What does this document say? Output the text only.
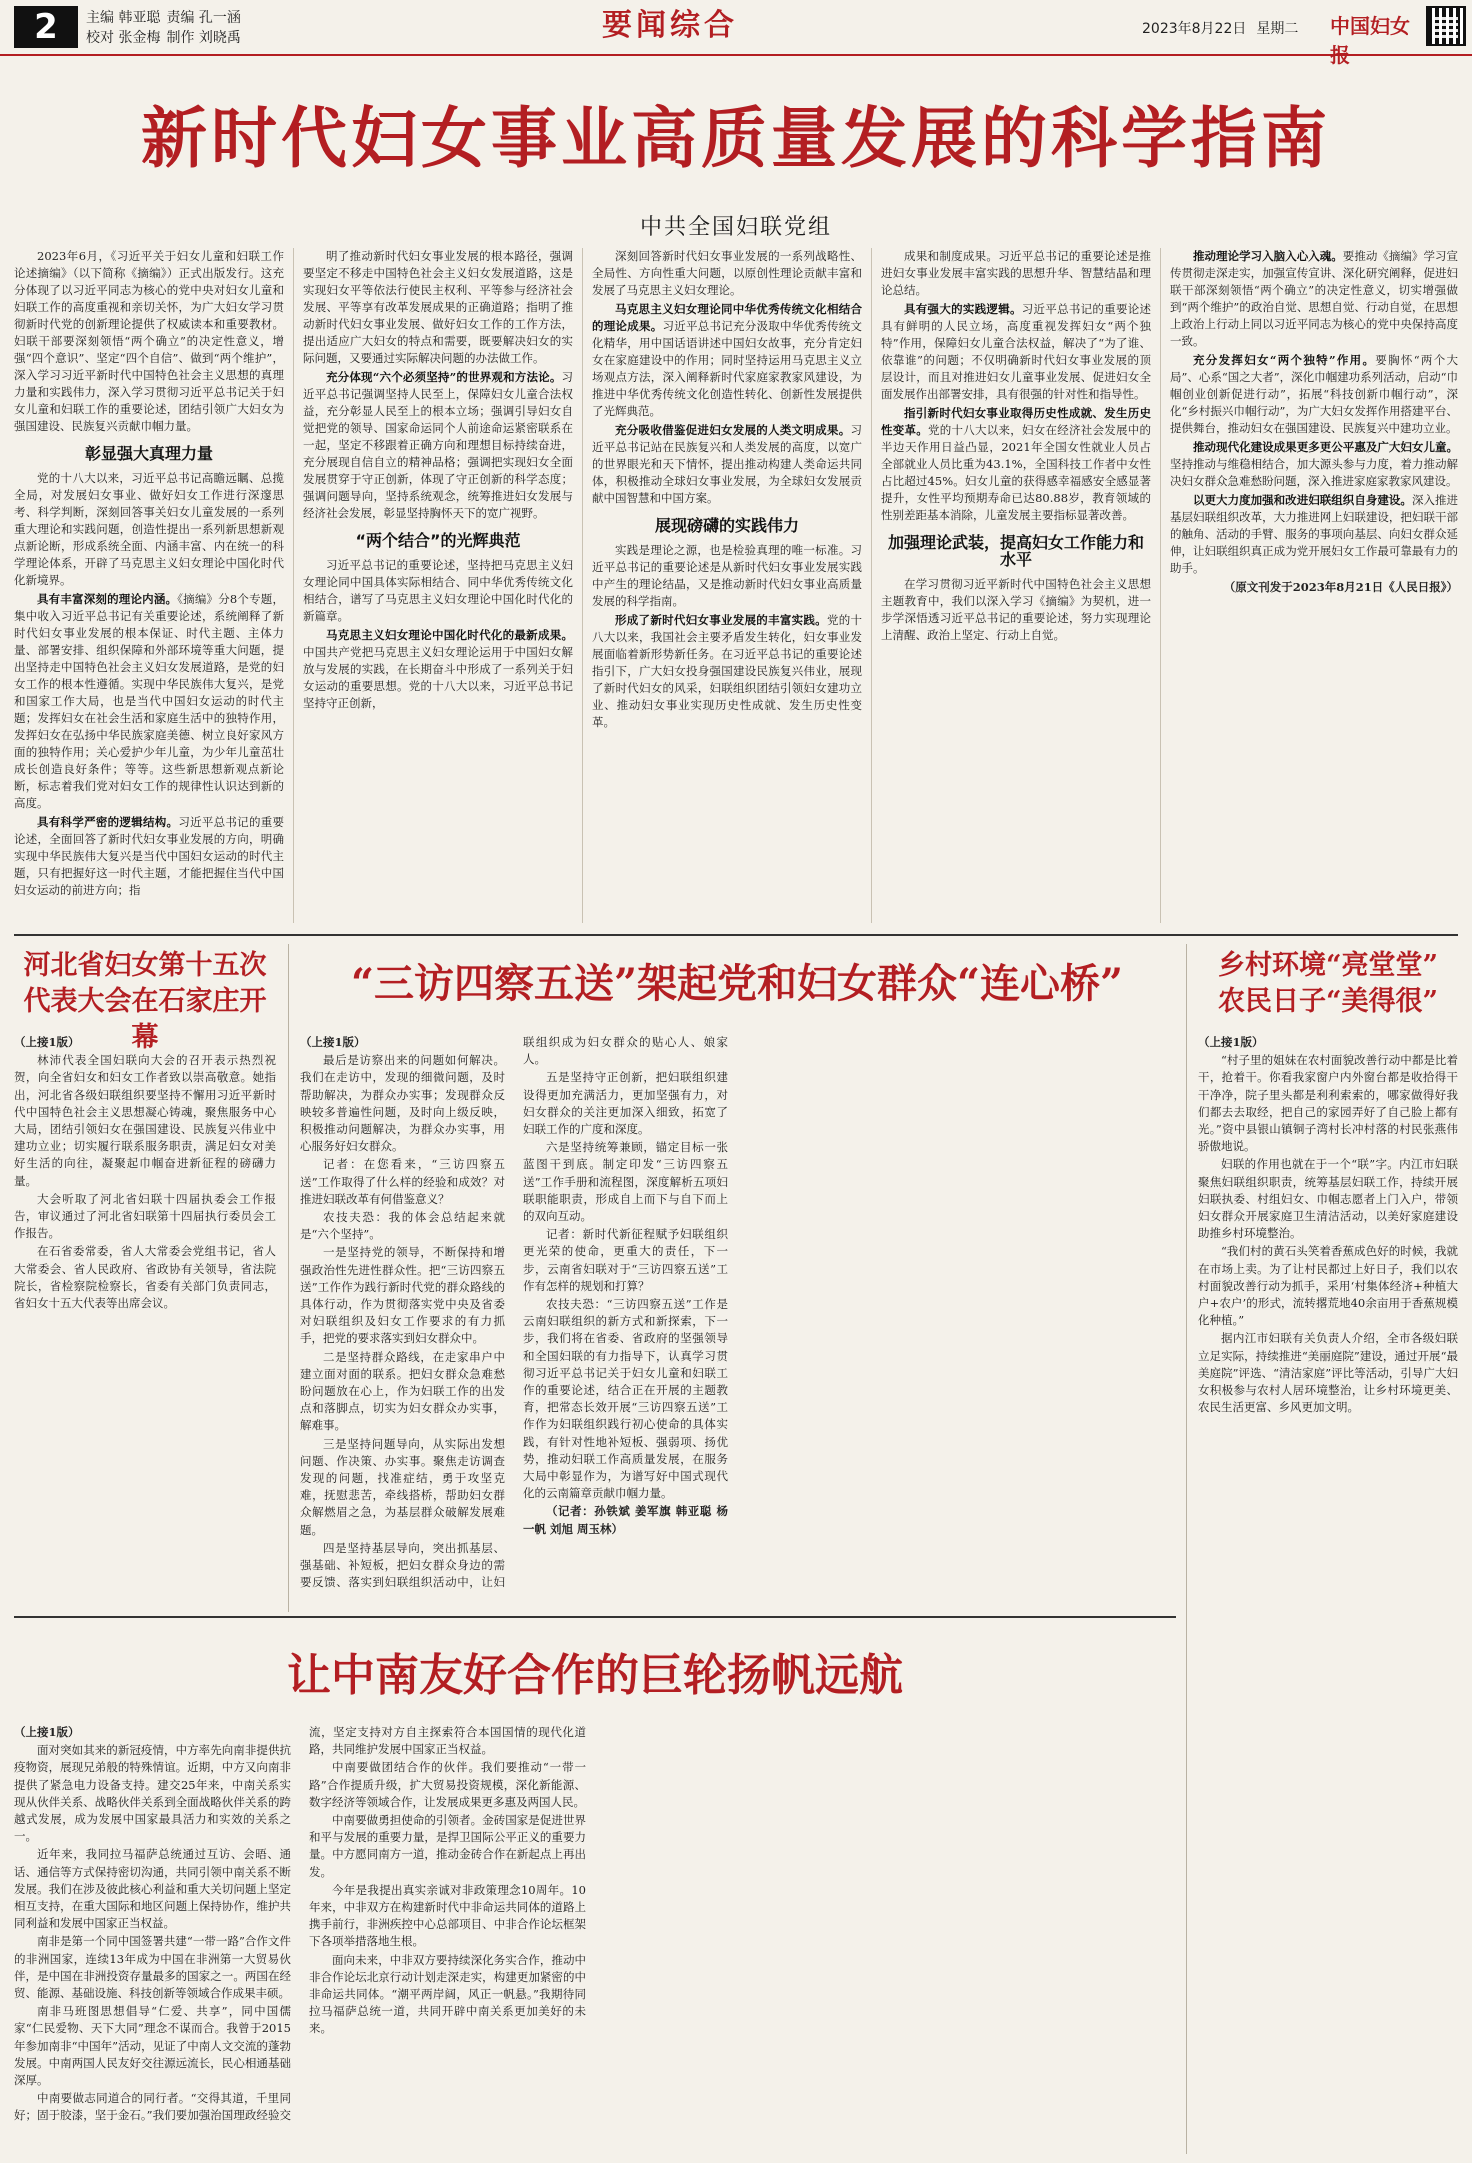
2	主编 韩亚聪 责编 孔一涵
校对 张金梅 制作 刘晓禹	要闻综合	2023年8月22日 星期二	中国妇女报
新时代妇女事业高质量发展的科学指南
中共全国妇联党组

2023年6月，《习近平关于妇女儿童和妇联工作论述摘编》（以下简称《摘编》）正式出版发行。这充分体现了以习近平同志为核心的党中央对妇女儿童和妇联工作的高度重视和亲切关怀，为广大妇女学习贯彻新时代党的创新理论提供了权威读本和重要教材。妇联干部要深刻领悟“两个确立”的决定性意义，增强“四个意识”、坚定“四个自信”、做到“两个维护”，深入学习习近平新时代中国特色社会主义思想的真理力量和实践伟力，深入学习贯彻习近平总书记关于妇女儿童和妇联工作的重要论述，团结引领广大妇女为强国建设、民族复兴贡献巾帼力量。

彰显强大真理力量

党的十八大以来，习近平总书记高瞻远瞩、总揽全局，对发展妇女事业、做好妇女工作进行深邃思考、科学判断，深刻回答事关妇女儿童发展的一系列重大理论和实践问题，创造性提出一系列新思想新观点新论断，形成系统全面、内涵丰富、内在统一的科学理论体系，开辟了马克思主义妇女理论中国化时代化新境界。

具有丰富深刻的理论内涵。《摘编》分8个专题，集中收入习近平总书记有关重要论述，系统阐释了新时代妇女事业发展的根本保证、时代主题、主体力量、部署安排、组织保障和外部环境等重大问题，提出坚持走中国特色社会主义妇女发展道路，是党的妇女工作的根本性遵循。实现中华民族伟大复兴，是党和国家工作大局，也是当代中国妇女运动的时代主题；发挥妇女在社会生活和家庭生活中的独特作用，发挥妇女在弘扬中华民族家庭美德、树立良好家风方面的独特作用；关心爱护少年儿童，为少年儿童茁壮成长创造良好条件；等等。这些新思想新观点新论断，标志着我们党对妇女工作的规律性认识达到新的高度。

具有科学严密的逻辑结构。习近平总书记的重要论述，全面回答了新时代妇女事业发展的方向，明确实现中华民族伟大复兴是当代中国妇女运动的时代主题，只有把握好这一时代主题，才能把握住当代中国妇女运动的前进方向；指

明了推动新时代妇女事业发展的根本路径，强调要坚定不移走中国特色社会主义妇女发展道路，这是实现妇女平等依法行使民主权利、平等参与经济社会发展、平等享有改革发展成果的正确道路；指明了推动新时代妇女事业发展、做好妇女工作的工作方法，提出适应广大妇女的特点和需要，既要解决妇女的实际问题，又要通过实际解决问题的办法做工作。

充分体现“六个必须坚持”的世界观和方法论。习近平总书记强调坚持人民至上，保障妇女儿童合法权益，充分彰显人民至上的根本立场；强调引导妇女自觉把党的领导、国家命运同个人前途命运紧密联系在一起，坚定不移跟着正确方向和理想目标持续奋进，充分展现自信自立的精神品格；强调把实现妇女全面发展贯穿于守正创新，体现了守正创新的科学态度；强调问题导向，坚持系统观念，统筹推进妇女发展与经济社会发展，彰显坚持胸怀天下的宽广视野。

“两个结合”的光辉典范

习近平总书记的重要论述，坚持把马克思主义妇女理论同中国具体实际相结合、同中华优秀传统文化相结合，谱写了马克思主义妇女理论中国化时代化的新篇章。

马克思主义妇女理论中国化时代化的最新成果。中国共产党把马克思主义妇女理论运用于中国妇女解放与发展的实践，在长期奋斗中形成了一系列关于妇女运动的重要思想。党的十八大以来，习近平总书记坚持守正创新，

深刻回答新时代妇女事业发展的一系列战略性、全局性、方向性重大问题，以原创性理论贡献丰富和发展了马克思主义妇女理论。

马克思主义妇女理论同中华优秀传统文化相结合的理论成果。习近平总书记充分汲取中华优秀传统文化精华，用中国话语讲述中国妇女故事，充分肯定妇女在家庭建设中的作用；同时坚持运用马克思主义立场观点方法，深入阐释新时代家庭家教家风建设，为推进中华优秀传统文化创造性转化、创新性发展提供了光辉典范。

充分吸收借鉴促进妇女发展的人类文明成果。习近平总书记站在民族复兴和人类发展的高度，以宽广的世界眼光和天下情怀，提出推动构建人类命运共同体，积极推动全球妇女事业发展，为全球妇女发展贡献中国智慧和中国方案。

展现磅礴的实践伟力

实践是理论之源，也是检验真理的唯一标准。习近平总书记的重要论述是从新时代妇女事业发展实践中产生的理论结晶，又是推动新时代妇女事业高质量发展的科学指南。

形成了新时代妇女事业发展的丰富实践。党的十八大以来，我国社会主要矛盾发生转化，妇女事业发展面临着新形势新任务。在习近平总书记的重要论述指引下，广大妇女投身强国建设民族复兴伟业，展现了新时代妇女的风采，妇联组织团结引领妇女建功立业、推动妇女事业实现历史性成就、发生历史性变革。

成果和制度成果。习近平总书记的重要论述是推进妇女事业发展丰富实践的思想升华、智慧结晶和理论总结。

具有强大的实践逻辑。习近平总书记的重要论述具有鲜明的人民立场，高度重视发挥妇女“两个独特”作用，保障妇女儿童合法权益，解决了“为了谁、依靠谁”的问题；不仅明确新时代妇女事业发展的顶层设计，而且对推进妇女儿童事业发展、促进妇女全面发展作出部署安排，具有很强的针对性和指导性。

指引新时代妇女事业取得历史性成就、发生历史性变革。党的十八大以来，妇女在经济社会发展中的半边天作用日益凸显，2021年全国女性就业人员占全部就业人员比重为43.1%，全国科技工作者中女性占比超过45%。妇女儿童的获得感幸福感安全感显著提升，女性平均预期寿命已达80.88岁，教育领域的性别差距基本消除，儿童发展主要指标显著改善。

加强理论武装，提高妇女工作能力和水平

在学习贯彻习近平新时代中国特色社会主义思想主题教育中，我们以深入学习《摘编》为契机，进一步学深悟透习近平总书记的重要论述，努力实现理论上清醒、政治上坚定、行动上自觉。

推动理论学习入脑入心入魂。要推动《摘编》学习宣传贯彻走深走实，加强宣传宣讲、深化研究阐释，促进妇联干部深刻领悟“两个确立”的决定性意义，切实增强做到“两个维护”的政治自觉、思想自觉、行动自觉，在思想上政治上行动上同以习近平同志为核心的党中央保持高度一致。

充分发挥妇女“两个独特”作用。要胸怀“两个大局”、心系“国之大者”，深化巾帼建功系列活动，启动“巾帼创业创新促进行动”，拓展“科技创新巾帼行动”，深化“乡村振兴巾帼行动”，为广大妇女发挥作用搭建平台、提供舞台，推动妇女在强国建设、民族复兴中建功立业。

推动现代化建设成果更多更公平惠及广大妇女儿童。坚持推动与维稳相结合，加大源头参与力度，着力推动解决妇女群众急难愁盼问题，深入推进家庭家教家风建设。

以更大力度加强和改进妇联组织自身建设。深入推进基层妇联组织改革，大力推进网上妇联建设，把妇联干部的触角、活动的手臂、服务的事项向基层、向妇女群众延伸，让妇联组织真正成为党开展妇女工作最可靠最有力的助手。

（原文刊发于2023年8月21日《人民日报》）

河北省妇女第十五次
代表大会在石家庄开幕

（上接1版）

林沛代表全国妇联向大会的召开表示热烈祝贺，向全省妇女和妇女工作者致以崇高敬意。她指出，河北省各级妇联组织要坚持不懈用习近平新时代中国特色社会主义思想凝心铸魂，聚焦服务中心大局，团结引领妇女在强国建设、民族复兴伟业中建功立业；切实履行联系服务职责，满足妇女对美好生活的向往，凝聚起巾帼奋进新征程的磅礴力量。

大会听取了河北省妇联十四届执委会工作报告，审议通过了河北省妇联第十四届执行委员会工作报告。

在石省委常委，省人大常委会党组书记，省人大常委会、省人民政府、省政协有关领导，省法院院长，省检察院检察长，省委有关部门负责同志，省妇女十五大代表等出席会议。

“三访四察五送”架起党和妇女群众“连心桥”

（上接1版）

最后是访察出来的问题如何解决。我们在走访中，发现的细微问题，及时帮助解决，为群众办实事；发现群众反映较多普遍性问题，及时向上级反映，积极推动问题解决，为群众办实事，用心服务好妇女群众。

记者：在您看来，“三访四察五送”工作取得了什么样的经验和成效？对推进妇联改革有何借鉴意义？

农技夫恐：我的体会总结起来就是“六个坚持”。

一是坚持党的领导，不断保持和增强政治性先进性群众性。把“三访四察五送”工作作为践行新时代党的群众路线的具体行动，作为贯彻落实党中央及省委对妇联组织及妇女工作要求的有力抓手，把党的要求落实到妇女群众中。

二是坚持群众路线，在走家串户中建立面对面的联系。把妇女群众急难愁盼问题放在心上，作为妇联工作的出发点和落脚点，切实为妇女群众办实事，解难事。

三是坚持问题导向，从实际出发想问题、作决策、办实事。聚焦走访调查发现的问题，找准症结，勇于攻坚克难，抚慰悲苦，牵线搭桥，帮助妇女群众解燃眉之急，为基层群众破解发展难题。

四是坚持基层导向，突出抓基层、强基础、补短板，把妇女群众身边的需要反馈、落实到妇联组织活动中，让妇联组织成为妇女群众的贴心人、娘家人。

五是坚持守正创新，把妇联组织建设得更加充满活力，更加坚强有力，对妇女群众的关注更加深入细致，拓宽了妇联工作的广度和深度。

六是坚持统筹兼顾，锚定目标一张蓝图干到底。制定印发“三访四察五送”工作手册和流程图，深度解析五项妇联职能职责，形成自上而下与自下而上的双向互动。

记者：新时代新征程赋予妇联组织更光荣的使命，更重大的责任，下一步，云南省妇联对于“三访四察五送”工作有怎样的规划和打算？

农技夫恐：“三访四察五送”工作是云南妇联组织的新方式和新探索，下一步，我们将在省委、省政府的坚强领导和全国妇联的有力指导下，认真学习贯彻习近平总书记关于妇女儿童和妇联工作的重要论述，结合正在开展的主题教育，把常态长效开展“三访四察五送”工作作为妇联组织践行初心使命的具体实践，有针对性地补短板、强弱项、扬优势，推动妇联工作高质量发展，在服务大局中彰显作为，为谱写好中国式现代化的云南篇章贡献巾帼力量。

（记者：孙铁斌 姜军旗 韩亚聪 杨一帆 刘旭 周玉林）

乡村环境“亮堂堂”
农民日子“美得很”

（上接1版）

“村子里的姐妹在农村面貌改善行动中都是比着干，抢着干。你看我家窗户内外窗台都是收拾得干干净净，院子里头都是利利索索的，哪家做得好我们都去去取经，把自己的家园弄好了自己脸上都有光。”资中县银山镇铜子湾村长冲村落的村民张燕伟骄傲地说。

妇联的作用也就在于一个“联”字。内江市妇联聚焦妇联组织职责，统筹基层妇联工作，持续开展妇联执委、村组妇女、巾帼志愿者上门入户，带领妇女群众开展家庭卫生清洁活动，以美好家庭建设助推乡村环境整治。

“我们村的黄石头笑着香蕉成色好的时候，我就在市场上卖。为了让村民都过上好日子，我们以农村面貌改善行动为抓手，采用‘村集体经济+种植大户+农户’的形式，流转撂荒地40余亩用于香蕉规模化种植。”

据内江市妇联有关负责人介绍，全市各级妇联立足实际，持续推进“美丽庭院”建设，通过开展“最美庭院”评选、“清洁家庭”评比等活动，引导广大妇女积极参与农村人居环境整治，让乡村环境更美、农民生活更富、乡风更加文明。

让中南友好合作的巨轮扬帆远航

（上接1版）

面对突如其来的新冠疫情，中方率先向南非提供抗疫物资，展现兄弟般的特殊情谊。近期，中方又向南非提供了紧急电力设备支持。建交25年来，中南关系实现从伙伴关系、战略伙伴关系到全面战略伙伴关系的跨越式发展，成为发展中国家最具活力和实效的关系之一。

近年来，我同拉马福萨总统通过互访、会晤、通话、通信等方式保持密切沟通，共同引领中南关系不断发展。我们在涉及彼此核心利益和重大关切问题上坚定相互支持，在重大国际和地区问题上保持协作，维护共同利益和发展中国家正当权益。

南非是第一个同中国签署共建“一带一路”合作文件的非洲国家，连续13年成为中国在非洲第一大贸易伙伴，是中国在非洲投资存量最多的国家之一。两国在经贸、能源、基础设施、科技创新等领域合作成果丰硕。

南非马班图思想倡导“仁爱、共享”，同中国儒家“仁民爱物、天下大同”理念不谋而合。我曾于2015年参加南非“中国年”活动，见证了中南人文交流的蓬勃发展。中南两国人民友好交往源远流长，民心相通基础深厚。

中南要做志同道合的同行者。“交得其道，千里同好；固于胶漆，坚于金石。”我们要加强治国理政经验交流，坚定支持对方自主探索符合本国国情的现代化道路，共同维护发展中国家正当权益。

中南要做团结合作的伙伴。我们要推动“一带一路”合作提质升级，扩大贸易投资规模，深化新能源、数字经济等领域合作，让发展成果更多惠及两国人民。

中南要做勇担使命的引领者。金砖国家是促进世界和平与发展的重要力量，是捍卫国际公平正义的重要力量。中方愿同南方一道，推动金砖合作在新起点上再出发。

今年是我提出真实亲诚对非政策理念10周年。10年来，中非双方在构建新时代中非命运共同体的道路上携手前行，非洲疾控中心总部项目、中非合作论坛框架下各项举措落地生根。

面向未来，中非双方要持续深化务实合作，推动中非合作论坛北京行动计划走深走实，构建更加紧密的中非命运共同体。“潮平两岸阔，风正一帆悬。”我期待同拉马福萨总统一道，共同开辟中南关系更加美好的未来。
